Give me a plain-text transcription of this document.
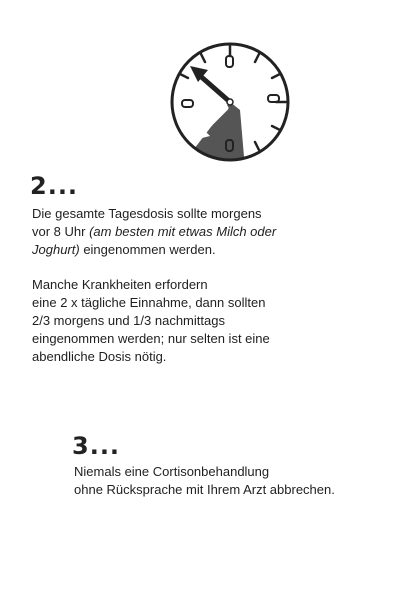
2...
Die gesamte Tagesdosis sollte morgens
vor 8 Uhr (am besten mit etwas Milch oder
Joghurt) eingenommen werden.
Manche Krankheiten erfordern
eine 2 x tägliche Einnahme, dann sollten
2/3 morgens und 1/3 nachmittags
eingenommen werden; nur selten ist eine
abendliche Dosis nötig.
3...
Niemals eine Cortisonbehandlung
ohne Rücksprache mit Ihrem Arzt abbrechen.
